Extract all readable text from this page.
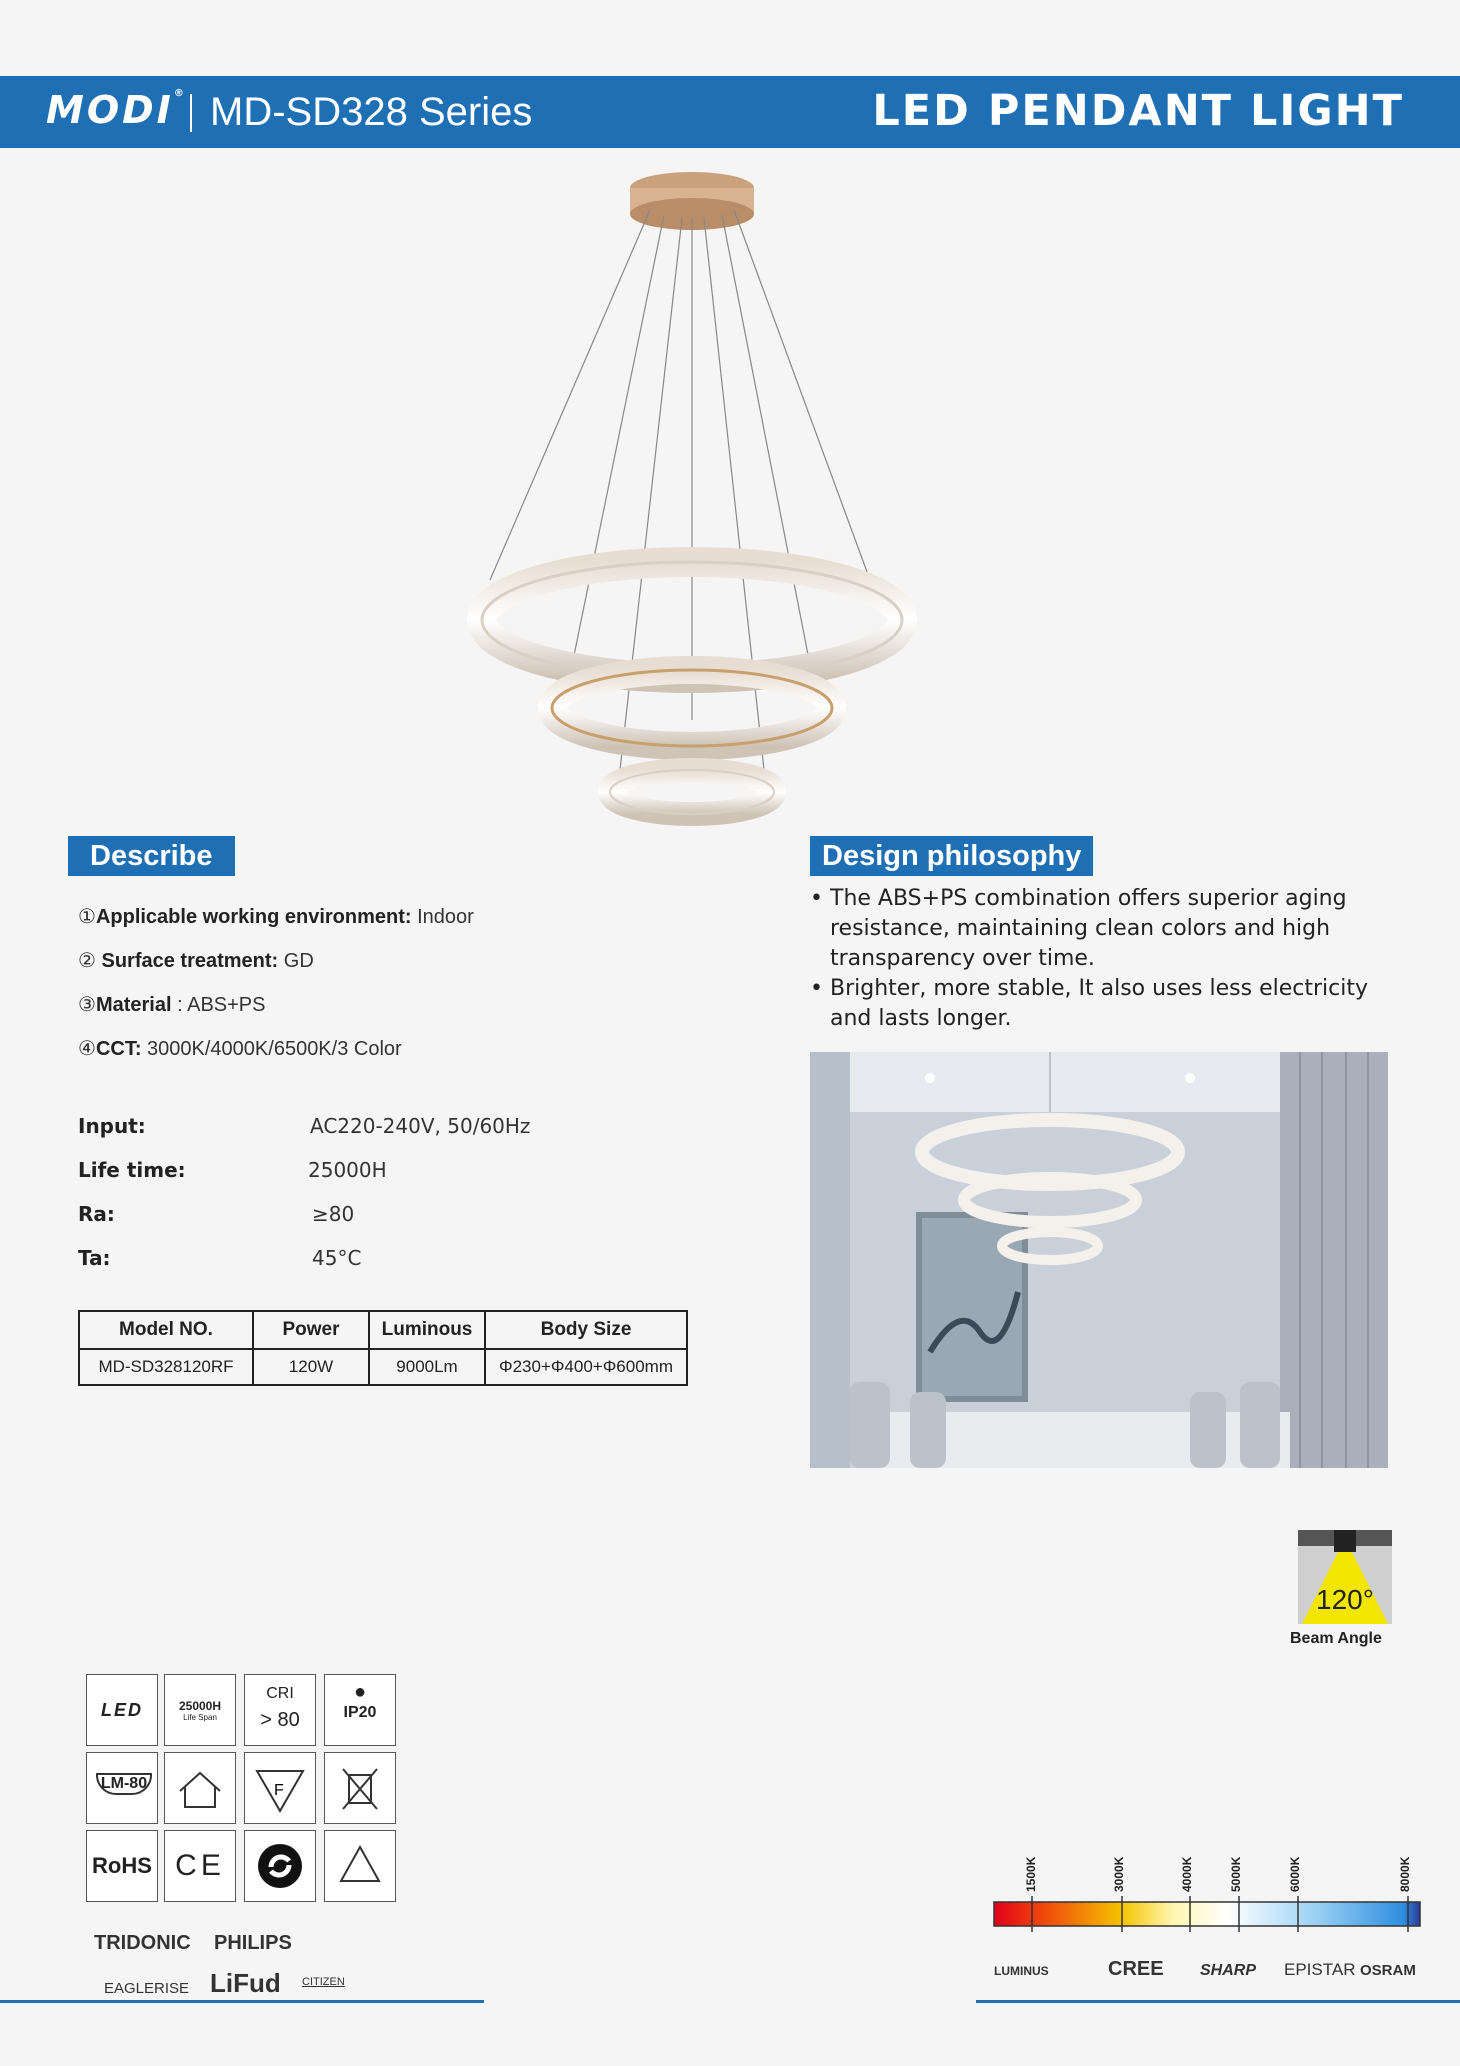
MODI® MD-SD328 Series	LED PENDANT LIGHT
Describe
①Applicable working environment: Indoor
② Surface treatment: GD
③Material : ABS+PS
④CCT: 3000K/4000K/6500K/3 Color
Input:	AC220-240V, 50/60Hz
Life time:	25000H
Ra:	≥80
Ta:	45°C
Model NO.	Power	Luminous	Body Size
MD-SD328120RF	120W	9000Lm	Φ230+Φ400+Φ600mm
Design philosophy
• The ABS+PS combination offers superior aging resistance, maintaining clean colors and high transparency over time.
• Brighter, more stable, It also uses less electricity and lasts longer.
120°
Beam Angle
LED	25000H
Life Span
CRI
> 80
●
IP20
LM-80	F
RoHS CE
TRIDONIC PHILIPS
EAGLERISE LiFud CITIZEN
1500K	3000K	4000K	5000K	6000K	8000K
LUMINUS	CREE SHARP EPISTAR OSRAM
